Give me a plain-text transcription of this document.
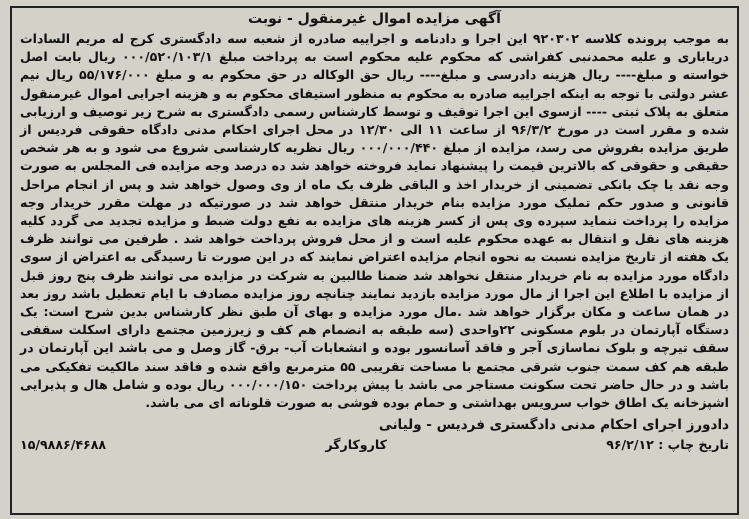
آگهی مزایده اموال غیرمنقول - نوبت

به موجب پرونده کلاسه ۹۲۰۳۰۲ این اجرا و دادنامه و اجراییه صادره از شعبه سه دادگستری کرج له مریم السادات دریاباری و علیه محمدنبی کفراشی که محکوم علیه محکوم است به پرداخت مبلغ ۰۰۰/۵۲۰/۱۰۳/۱ ریال بابت اصل خواسته و مبلغ---- ریال هزینه دادرسی و مبلغ---- ریال حق الوکاله در حق محکوم به و مبلغ ۵۵/۱۷۶/۰۰۰ ریال نیم عشر دولتی با توجه به اینکه اجراییه صادره به محکوم به منظور استیفای محکوم به و هزینه اجرایی اموال غیرمنقول متعلق به پلاک ثبتی ---- ازسوی این اجرا توقیف و توسط کارشناس رسمی دادگستری به شرح زیر توصیف و ارزیابی شده و مقرر است در مورخ ۹۶/۳/۲ از ساعت ۱۱ الی ۱۲/۳۰ در محل اجرای احکام مدنی دادگاه حقوقی فردیس از طریق مزایده بفروش می رسد، مزایده از مبلغ ۰۰۰/۰۰۰/۴۴۰ ریال نظریه کارشناسی شروع می شود و به هر شخص حقیقی و حقوقی که بالاترین قیمت را پیشنهاد نماید فروخته خواهد شد ده درصد وجه مزایده فی المجلس به صورت وجه نقد یا چک بانکی تضمینی از خریدار اخذ و الباقی ظرف یک ماه از وی وصول خواهد شد و پس از انجام مراحل قانونی و صدور حکم تملیک مورد مزایده بنام خریدار منتقل خواهد شد در صورتیکه در مهلت مقرر خریدار وجه مزایده را پرداخت ننماید سپرده وی پس از کسر هزینه های مزایده به نفع دولت ضبط و مزایده تجدید می گردد کلیه هزینه های نقل و انتقال به عهده محکوم علیه است و از محل فروش پرداخت خواهد شد . طرفین می توانند ظرف یک هفته از تاریخ مزایده نسبت به نحوه انجام مزایده اعتراض نمایند که در این صورت تا رسیدگی به اعتراض از سوی دادگاه مورد مزایده به نام خریدار منتقل نخواهد شد ضمنا طالبین به شرکت در مزایده می توانند ظرف پنج روز قبل از مزایده با اطلاع این اجرا از مال مورد مزایده بازدید نمایند چنانچه روز مزایده مصادف با ایام تعطیل باشد روز بعد در همان ساعت و مکان برگزار خواهد شد .مال مورد مزایده و بهای آن طبق نظر کارشناس بدین شرح است: یک دستگاه آپارتمان در بلوم مسکونی ۲۲واحدی (سه طبقه به انضمام هم کف و زیرزمین مجتمع دارای اسکلت سقفی سقف تیرچه و بلوک نماسازی آجر و فاقد آسانسور بوده و انشعابات آب- برق- گاز وصل و می باشد این آپارتمان در طبقه هم کف سمت جنوب شرقی مجتمع با مساحت تقریبی ۵۵ مترمربع واقع شده و فاقد سند مالکیت تفکیکی می باشد و در حال حاضر تحت سکونت مستاجر می باشد با پیش پرداخت ۰۰۰/۰۰۰/۱۵۰ ریال بوده و شامل هال و پذیرایی اشپزخانه یک اطاق خواب سرویس بهداشتی و حمام بوده فوشی به صورت قلوناته ای می باشد.

دادورز اجرای احکام مدنی دادگستری فردیس - ولیانی
تاریخ چاپ : ۹۶/۲/۱۲
کاروکارگر
۱۵/۹۸۸۶/۴۶۸۸
